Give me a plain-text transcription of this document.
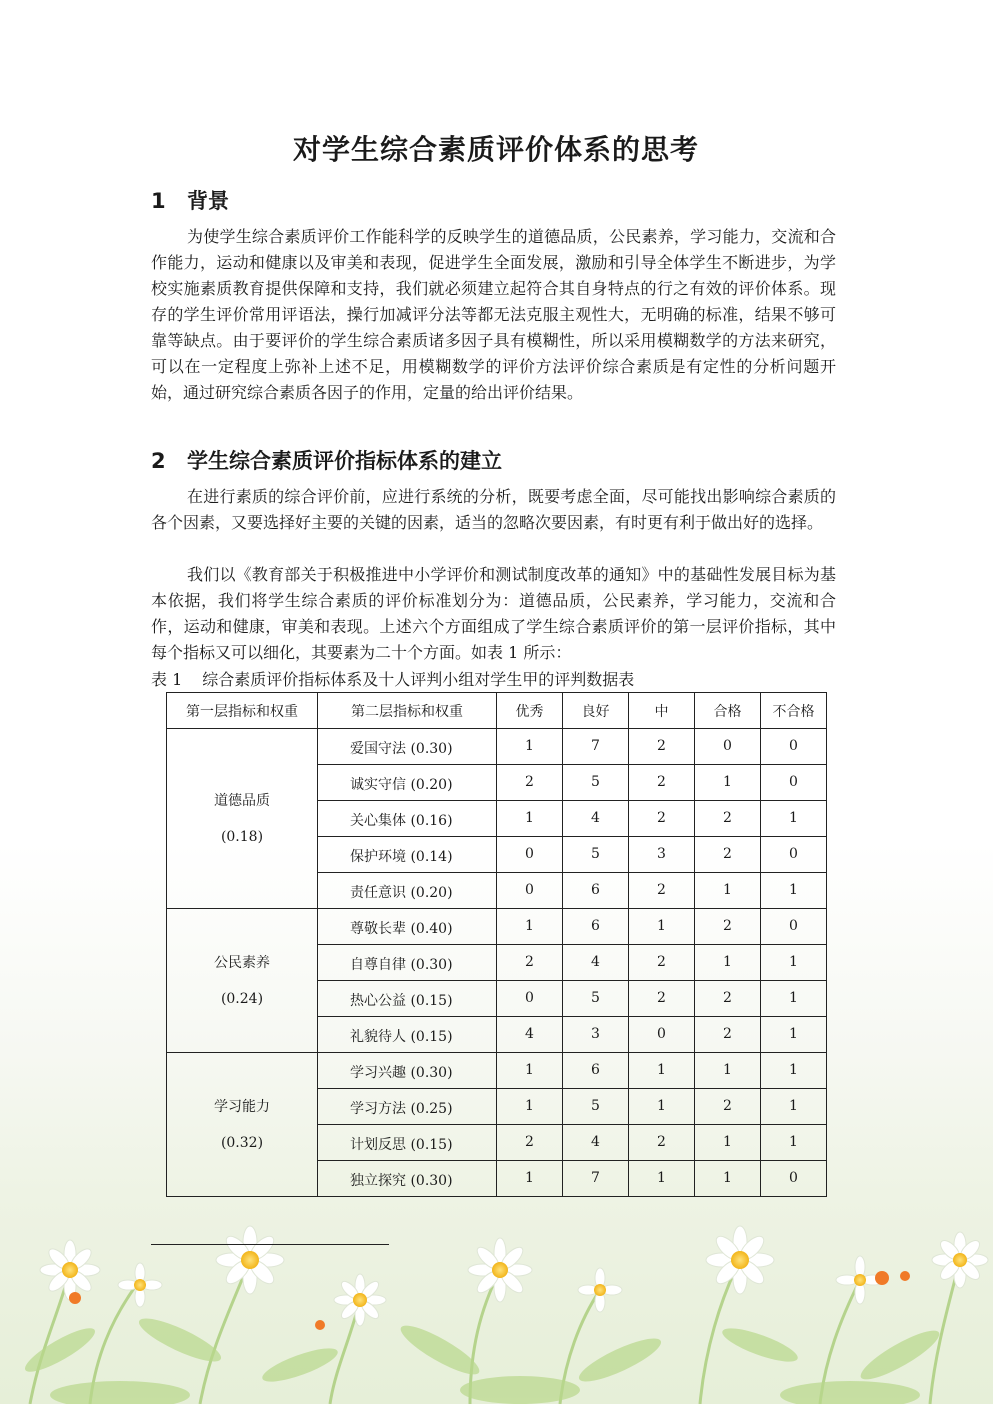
对学生综合素质评价体系的思考
1 背景

为使学生综合素质评价工作能科学的反映学生的道德品质，公民素养，学习能力，交流和合作能力，运动和健康以及审美和表现，促进学生全面发展，激励和引导全体学生不断进步，为学校实施素质教育提供保障和支持，我们就必须建立起符合其自身特点的行之有效的评价体系。现存的学生评价常用评语法，操行加减评分法等都无法克服主观性大，无明确的标准，结果不够可靠等缺点。由于要评价的学生综合素质诸多因子具有模糊性，所以采用模糊数学的方法来研究，可以在一定程度上弥补上述不足，用模糊数学的评价方法评价综合素质是有定性的分析问题开始，通过研究综合素质各因子的作用，定量的给出评价结果。

2 学生综合素质评价指标体系的建立

在进行素质的综合评价前，应进行系统的分析，既要考虑全面，尽可能找出影响综合素质的各个因素，又要选择好主要的关键的因素，适当的忽略次要因素，有时更有利于做出好的选择。

我们以《教育部关于积极推进中小学评价和测试制度改革的通知》中的基础性发展目标为基本依据，我们将学生综合素质的评价标准划分为：道德品质，公民素养，学习能力，交流和合作，运动和健康，审美和表现。上述六个方面组成了学生综合素质评价的第一层评价指标，其中每个指标又可以细化，其要素为二十个方面。如表 1 所示：

表 1 综合素质评价指标体系及十人评判小组对学生甲的评判数据表

第一层指标和权重	第二层指标和权重	优秀	良好	中	合格	不合格

道德品质
(0.18)	爱国守法 (0.30)	1	7	2	0	0
	诚实守信 (0.20)	2	5	2	1	0
	关心集体 (0.16)	1	4	2	2	1
	保护环境 (0.14)	0	5	3	2	0
	责任意识 (0.20)	0	6	2	1	1

公民素养
(0.24)	尊敬长辈 (0.40)	1	6	1	2	0
	自尊自律 (0.30)	2	4	2	1	1
	热心公益 (0.15)	0	5	2	2	1
	礼貌待人 (0.15)	4	3	0	2	1

学习能力
(0.32)	学习兴趣 (0.30)	1	6	1	1	1
	学习方法 (0.25)	1	5	1	2	1
	计划反思 (0.15)	2	4	2	1	1
	独立探究 (0.30)	1	7	1	1	0
